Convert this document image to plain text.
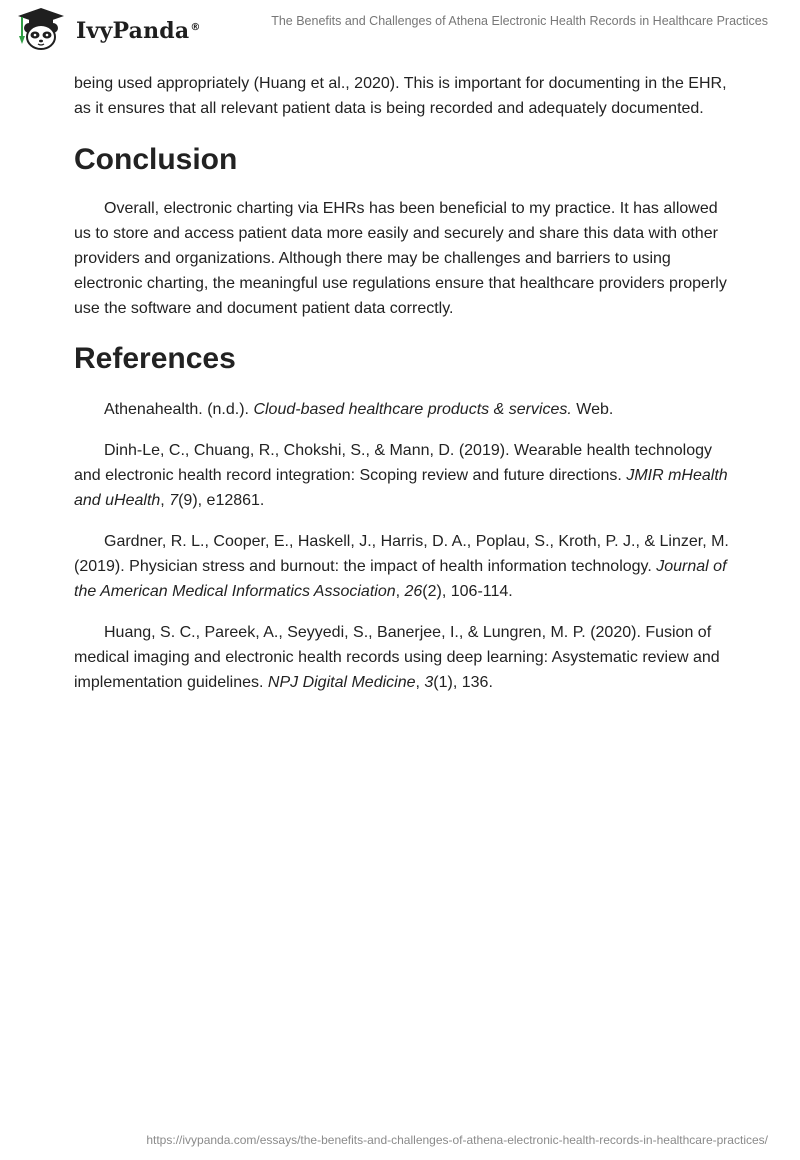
IvyPanda®	The Benefits and Challenges of Athena Electronic Health Records in Healthcare Practices

being used appropriately (Huang et al., 2020). This is important for documenting in the EHR, as it ensures that all relevant patient data is being recorded and adequately documented.

Conclusion

Overall, electronic charting via EHRs has been beneficial to my practice. It has allowed us to store and access patient data more easily and securely and share this data with other providers and organizations. Although there may be challenges and barriers to using electronic charting, the meaningful use regulations ensure that healthcare providers properly use the software and document patient data correctly.

References

Athenahealth. (n.d.). Cloud-based healthcare products & services. Web.

Dinh-Le, C., Chuang, R., Chokshi, S., & Mann, D. (2019). Wearable health technology and electronic health record integration: Scoping review and future directions. JMIR mHealth and uHealth, 7(9), e12861.

Gardner, R. L., Cooper, E., Haskell, J., Harris, D. A., Poplau, S., Kroth, P. J., & Linzer, M. (2019). Physician stress and burnout: the impact of health information technology. Journal of the American Medical Informatics Association, 26(2), 106-114.

Huang, S. C., Pareek, A., Seyyedi, S., Banerjee, I., & Lungren, M. P. (2020). Fusion of medical imaging and electronic health records using deep learning: Asystematic review and implementation guidelines. NPJ Digital Medicine, 3(1), 136.

https://ivypanda.com/essays/the-benefits-and-challenges-of-athena-electronic-health-records-in-healthcare-practices/
